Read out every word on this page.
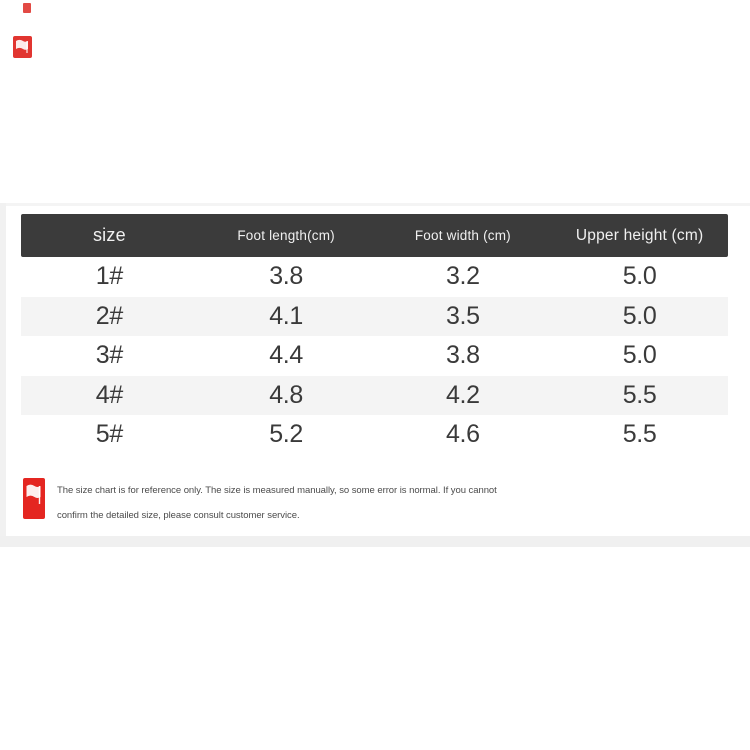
size	Foot length(cm)	Foot width (cm)	Upper height (cm)
1#	3.8	3.2	5.0
2#	4.1	3.5	5.0
3#	4.4	3.8	5.0
4#	4.8	4.2	5.5
5#	5.2	4.6	5.5
The size chart is for reference only. The size is measured manually, so some error is normal. If you cannot
confirm the detailed size, please consult customer service.
